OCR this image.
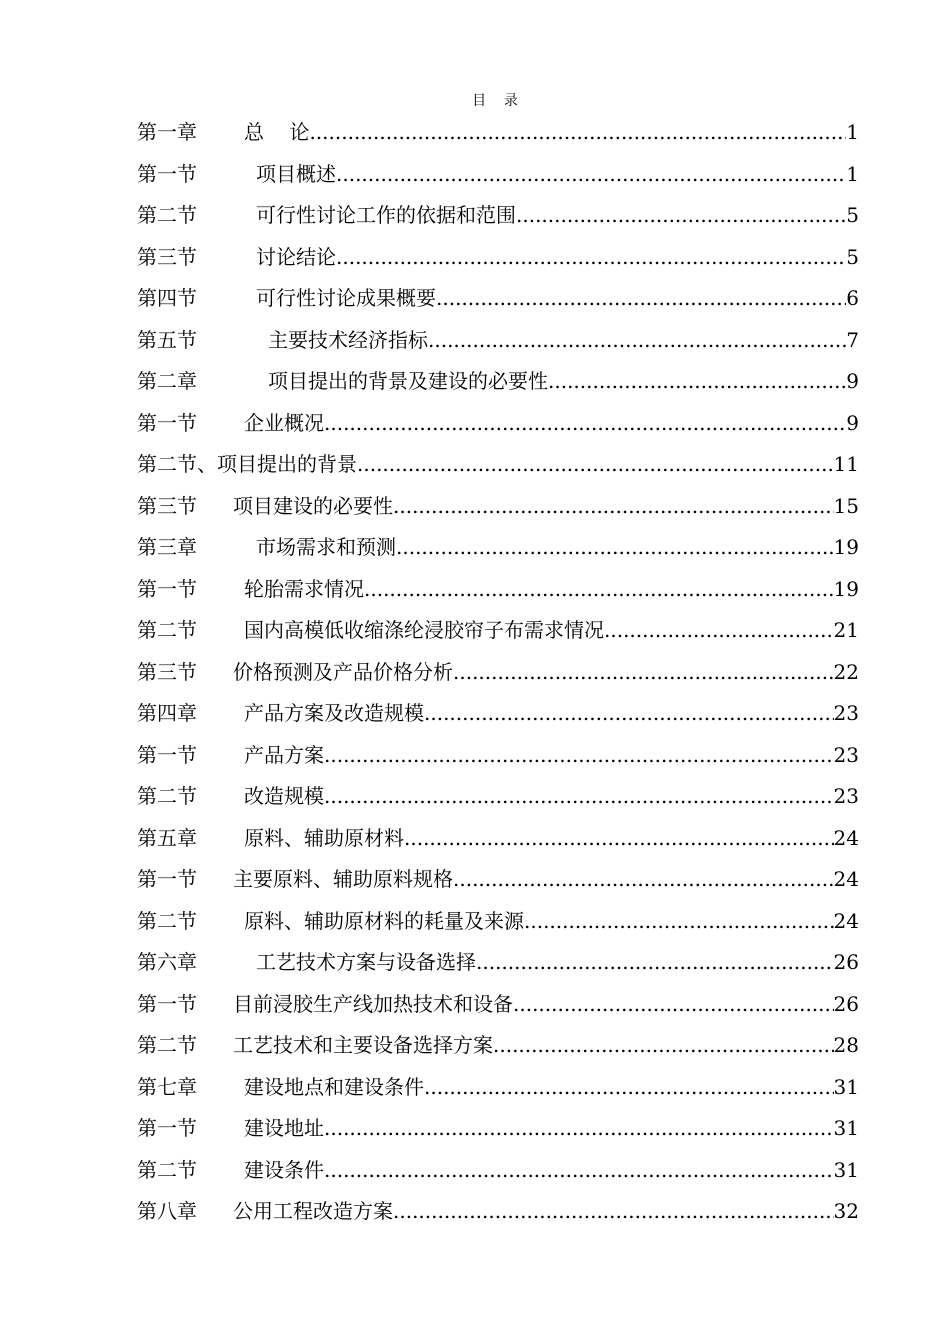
目    录
第一章	总    论 .....	1
第一节	项目概述 .....	1
第二节	可行性讨论工作的依据和范围 .....	5
第三节	讨论结论 .....	5
第四节	可行性讨论成果概要 .....	6
第五节	主要技术经济指标 .....	7
第二章	项目提出的背景及建设的必要性 .....	9
第一节	企业概况 .....	9
第二节、 项目提出的背景 .....	11
第三节	项目建设的必要性 .....	15
第三章	市场需求和预测 .....	19
第一节	轮胎需求情况 .....	19
第二节	国内高模低收缩涤纶浸胶帘子布需求情况 .....	21
第三节	价格预测及产品价格分析 .....	22
第四章	产品方案及改造规模 .....	23
第一节	产品方案 .....	23
第二节	改造规模 .....	23
第五章	原料、辅助原材料 .....	24
第一节	主要原料、辅助原料规格 .....	24
第二节	原料、辅助原材料的耗量及来源 .....	24
第六章	工艺技术方案与设备选择 .....	26
第一节	目前浸胶生产线加热技术和设备 .....	26
第二节	工艺技术和主要设备选择方案 .....	28
第七章	建设地点和建设条件 .....	31
第一节	建设地址 .....	31
第二节	建设条件 .....	31
第八章	公用工程改造方案 .....	32
